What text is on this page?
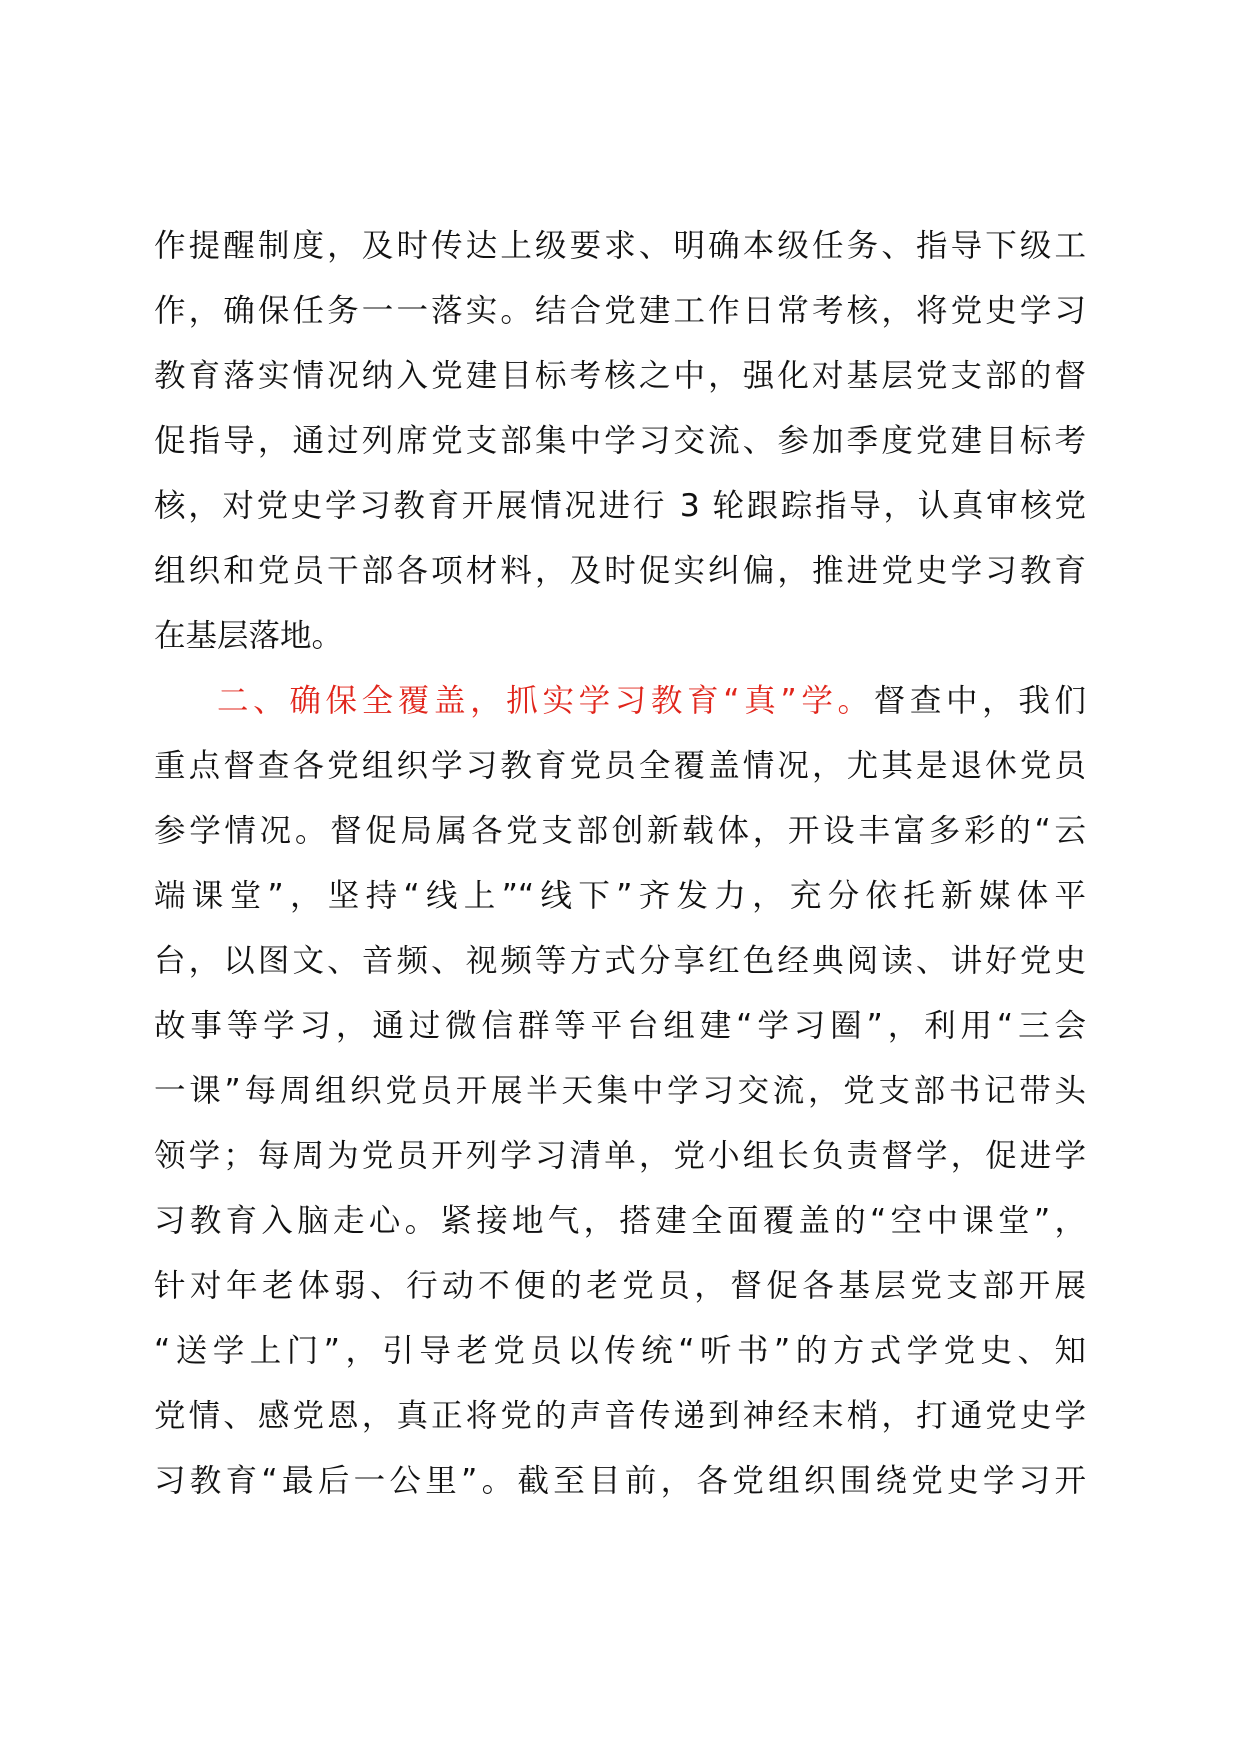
作提醒制度，及时传达上级要求、明确本级任务、指导下级工
作，确保任务一一落实。结合党建工作日常考核，将党史学习
教育落实情况纳入党建目标考核之中，强化对基层党支部的督
促指导，通过列席党支部集中学习交流、参加季度党建目标考
核，对党史学习教育开展情况进行 3 轮跟踪指导，认真审核党
组织和党员干部各项材料，及时促实纠偏，推进党史学习教育
在基层落地。
二、确保全覆盖，抓实学习教育“真”学。督查中，我们
重点督查各党组织学习教育党员全覆盖情况，尤其是退休党员
参学情况。督促局属各党支部创新载体，开设丰富多彩的“云
端课堂”，坚持“线上”“线下”齐发力，充分依托新媒体平
台，以图文、音频、视频等方式分享红色经典阅读、讲好党史
故事等学习，通过微信群等平台组建“学习圈”，利用“三会
一课”每周组织党员开展半天集中学习交流，党支部书记带头
领学；每周为党员开列学习清单，党小组长负责督学，促进学
习教育入脑走心。紧接地气，搭建全面覆盖的“空中课堂”，
针对年老体弱、行动不便的老党员，督促各基层党支部开展
“送学上门”，引导老党员以传统“听书”的方式学党史、知
党情、感党恩，真正将党的声音传递到神经末梢，打通党史学
习教育“最后一公里”。截至目前，各党组织围绕党史学习开
